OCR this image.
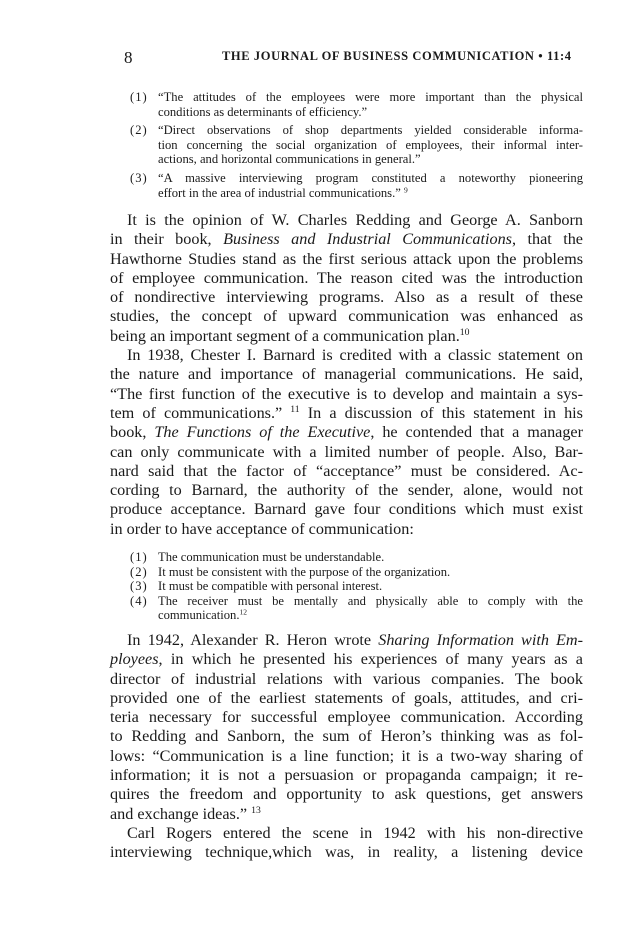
8	THE JOURNAL OF BUSINESS COMMUNICATION • 11:4
(1) “The attitudes of the employees were more important than the physical
conditions as determinants of efficiency.”
(2) “Direct observations of shop departments yielded considerable informa-
tion concerning the social organization of employees, their informal inter-
actions, and horizontal communications in general.”
(3) “A massive interviewing program constituted a noteworthy pioneering
effort in the area of industrial communications.” $^9$
It is the opinion of W. Charles Redding and George A. Sanborn
in their book, Business and Industrial Communications, that the
Hawthorne Studies stand as the first serious attack upon the problems
of employee communication. The reason cited was the introduction
of nondirective interviewing programs. Also as a result of these
studies, the concept of upward communication was enhanced as
being an important segment of a communication plan.$^{10}$
In 1938, Chester I. Barnard is credited with a classic statement on
the nature and importance of managerial communications. He said,
“The first function of the executive is to develop and maintain a sys-
tem of communications.” $^{11}$ In a discussion of this statement in his
book, The Functions of the Executive, he contended that a manager
can only communicate with a limited number of people. Also, Bar-
nard said that the factor of “acceptance” must be considered. Ac-
cording to Barnard, the authority of the sender, alone, would not
produce acceptance. Barnard gave four conditions which must exist
in order to have acceptance of communication:
(1) The communication must be understandable.
(2) It must be consistent with the purpose of the organization.
(3) It must be compatible with personal interest.
(4) The receiver must be mentally and physically able to comply with the
communication.$^{12}$
In 1942, Alexander R. Heron wrote Sharing Information with Em-
ployees, in which he presented his experiences of many years as a
director of industrial relations with various companies. The book
provided one of the earliest statements of goals, attitudes, and cri-
teria necessary for successful employee communication. According
to Redding and Sanborn, the sum of Heron’s thinking was as fol-
lows: “Communication is a line function; it is a two-way sharing of
information; it is not a persuasion or propaganda campaign; it re-
quires the freedom and opportunity to ask questions, get answers
and exchange ideas.” $^{13}$
Carl Rogers entered the scene in 1942 with his non-directive
interviewing technique,which was, in reality, a listening device
